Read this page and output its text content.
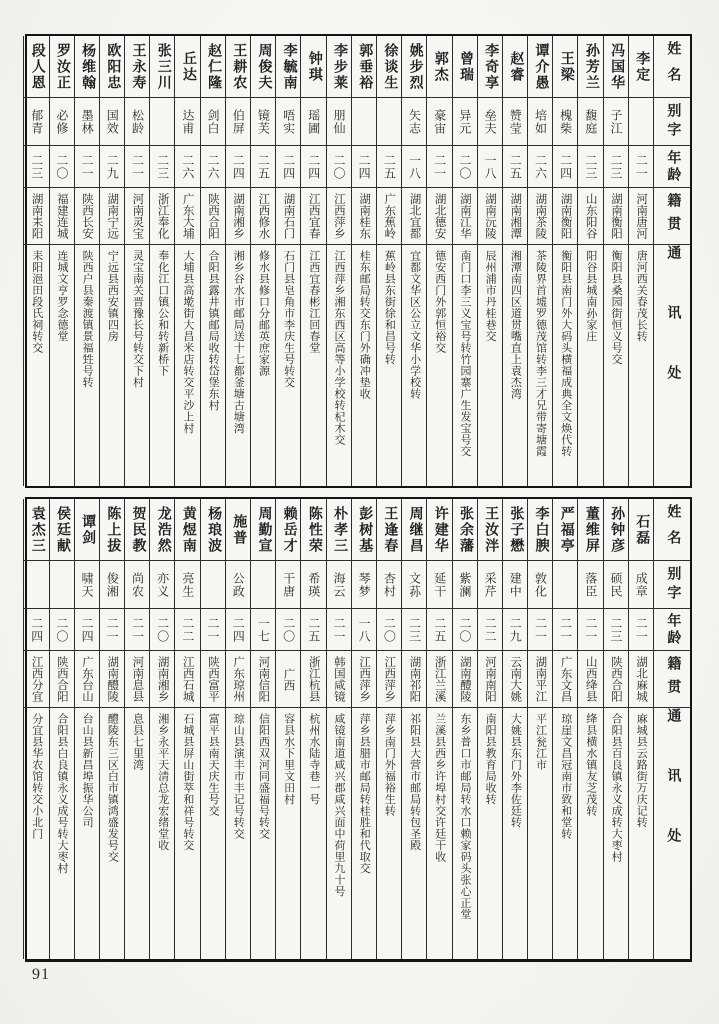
姓名
别字
年龄
籍贯
通讯处
李定
二一
河南唐河
唐河西关春茂长转
冯国华
子江
二三
湖南衡阳
衡阳县桑园街恒义号交
孙芳兰
馥庭
二三
山东阳谷
阳谷县城南孙家庄
王梁
槐柴
二四
湖南衡阳
衡阳县南门外大码头横福成典全文焕代转
谭介愚
培如
二六
湖南茶陵
茶陵界首墟罗德茂馆转李三才兄带寄塘霞
赵睿
赞莹
二五
湖南湘潭
湘潭南四区道贯嘴直上袁杰湾
李奇享
垒夫
一八
湖南沅陵
辰州浦市丹桂巷交
曾瑞
异元
二〇
湖南江华
南门口李三义宝号转竹园寨广生发宝号交
郭杰
豪宙
二一
湖北德安
德安西门外郭恒裕交
姚步烈
矢志
一八
湖北宜都
宜都文华区公立文华小学校转
徐谈生
二五
广东蕉岭
蕉岭县东街徐和昌号转
郭垂裕
二四
湖南桂东
桂东邮局转交东门外确冲垫收
李步莱
朋仙
二〇
江西萍乡
江西萍乡湘东西区高等小学校转杞木交
钟琪
瑶圃
二四
江西宜春
江西宜春彬江回春堂
李毓南
唔实
二四
湖南石门
石门县皂角市李庆生号转交
周俊夫
镜芙
二五
江西修水
修水县修口分邮英庶家源
王耕农
伯屏
二四
湖南湘乡
湘乡谷水市邮局送十七都釜塘古塘湾
赵仁隆
剑白
二六
陕西合阳
合阳县露井镇邮局收转岱堡东村
丘达
达甫
二六
广东大埔
大埔县高墘街大昌米店转交平沙上村
张三川
二三
浙江奉化
奉化江口镇公和转新桥下
王永寿
松龄
二一
河南灵宝
灵宝南关晋豫长号转交下村
欧阳忠
国效
二九
湖南宁远
宁远县西安镇四房
杨维翰
墨林
二一
陕西长安
陕西户县秦渡镇景福甡号转
罗汝正
必修
二〇
福建连城
连城文亨罗念德堂
段人恩
郁青
二三
湖南耒阳
耒阳浥田段氏祠转交
姓名
别字
年龄
籍贯
通讯处
石磊
成章
二一
湖北麻城
麻城县云路街万庆记转
孙钟彦
硕民
二三
陕西合阳
合阳县百良镇永义成转大枣村
董维屏
落臣
二一
山西绛县
绛县横水镇友芝茂转
严福亭
二一
广东文昌
琼崖文昌冠南市致和堂转
李白腴
敦化
二一
湖南平江
平江瓮江市
张子懋
建中
二九
云南大姚
大姚县东门外李佐廷转
王汝泮
采芹
二二
河南南阳
南阳县教育局收转
张余藩
紫澜
二〇
湖南醴陵
东乡普口市邮局转水口赖家码头张心正堂
许建华
延干
二五
浙江兰溪
兰溪县西乡许埠村交许廷干收
周继昌
文荪
二三
湖南祁阳
祁阳县大营市邮局转包圣殿
王逢春
杏村
二〇
江西萍乡
萍乡南门外福裕生转
彭树基
琴梦
一八
江西萍乡
萍乡县腊市邮局转桂胜和代取交
朴孝三
海云
二一
韩国咸镜
咸镜南道咸兴郡咸兴面中荷里九十号
陈性荣
希瑛
二五
浙江杭县
杭州水陆寺巷一号
赖岳才
干唐
二〇
广西
容县水下里文田村
周勤宣
一七
河南信阳
信阳西双河同盛福号转交
施普
公政
二四
广东琼州
琼山县演丰市丰记号转交
杨琅波
二一
陕西富平
富平县南天庆生号交
黄煜南
亮生
二二
江西石城
石城县屏山街萃和祥号转交
龙浩然
亦义
二〇
湖南湘乡
湘乡永平天清总龙宏绪堂收
贺民教
尚农
二一
河南息县
息县七里湾
陈上拔
俊湘
二一
湖南醴陵
醴陵东三区白市镇鸿盛发号交
谭剑
啸天
二四
广东台山
台山县新昌埠振华公司
侯廷献
二〇
陕西合阳
合阳县白良镇永义成号转大枣村
袁杰三
二四
江西分宜
分宜县华农馆转交小北门
91
